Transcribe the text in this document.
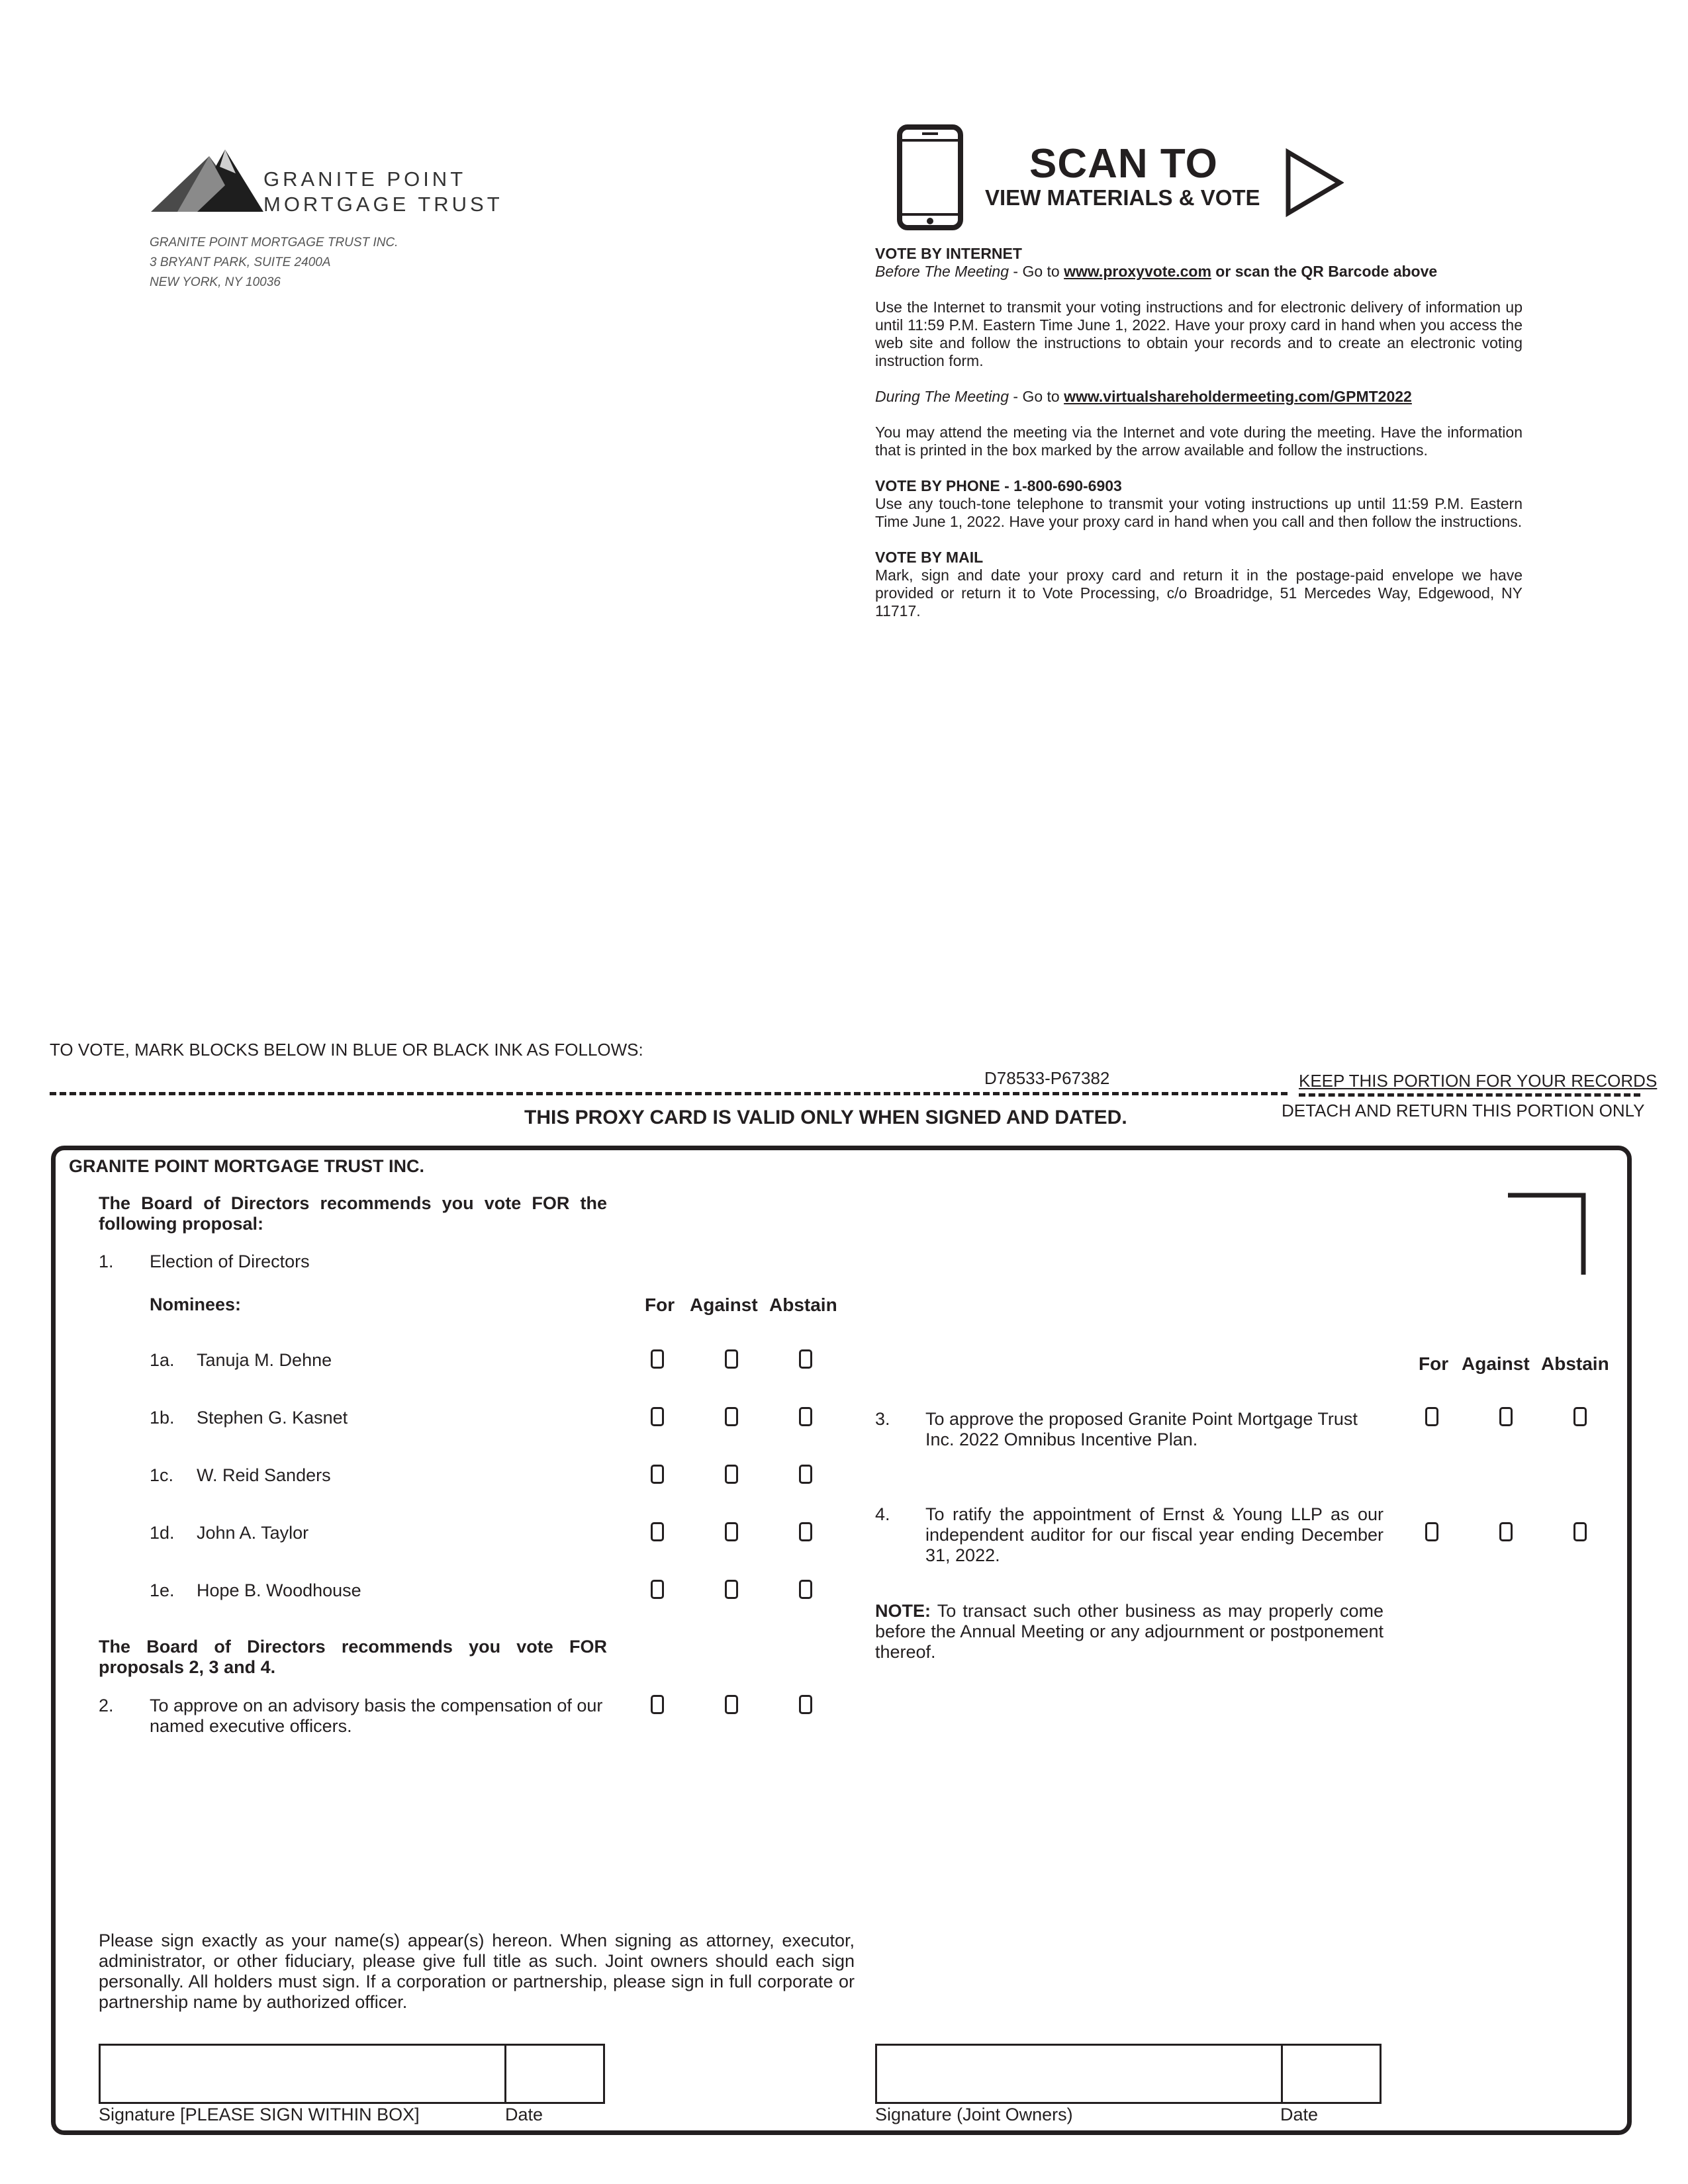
GRANITE POINT
MORTGAGE TRUST
GRANITE POINT MORTGAGE TRUST INC.
3 BRYANT PARK, SUITE 2400A
NEW YORK, NY 10036
SCAN TO
VIEW MATERIALS & VOTE
VOTE BY INTERNET
Before The Meeting - Go to www.proxyvote.com or scan the QR Barcode above
Use the Internet to transmit your voting instructions and for electronic delivery of information up until 11:59 P.M. Eastern Time June 1, 2022. Have your proxy card in hand when you access the web site and follow the instructions to obtain your records and to create an electronic voting instruction form.
During The Meeting - Go to www.virtualshareholdermeeting.com/GPMT2022
You may attend the meeting via the Internet and vote during the meeting. Have the information that is printed in the box marked by the arrow available and follow the instructions.
VOTE BY PHONE - 1-800-690-6903
Use any touch-tone telephone to transmit your voting instructions up until 11:59 P.M. Eastern Time June 1, 2022. Have your proxy card in hand when you call and then follow the instructions.
VOTE BY MAIL
Mark, sign and date your proxy card and return it in the postage-paid envelope we have provided or return it to Vote Processing, c/o Broadridge, 51 Mercedes Way, Edgewood, NY 11717.
TO VOTE, MARK BLOCKS BELOW IN BLUE OR BLACK INK AS FOLLOWS:
D78533-P67382	KEEP THIS PORTION FOR YOUR RECORDS
DETACH AND RETURN THIS PORTION ONLY
THIS PROXY CARD IS VALID ONLY WHEN SIGNED AND DATED.
GRANITE POINT MORTGAGE TRUST INC.
The Board of Directors recommends you vote FOR the following proposal:
1. Election of Directors
Nominees:	For Against Abstain
For Against Abstain
1a. Tanuja M. Dehne
1b. Stephen G. Kasnet
1c. W. Reid Sanders
1d. John A. Taylor
1e. Hope B. Woodhouse
The Board of Directors recommends you vote FOR proposals 2, 3 and 4.
2. To approve on an advisory basis the compensation of our named executive officers.
3. To approve the proposed Granite Point Mortgage Trust Inc. 2022 Omnibus Incentive Plan.
4. To ratify the appointment of Ernst & Young LLP as our independent auditor for our fiscal year ending December 31, 2022.
NOTE: To transact such other business as may properly come before the Annual Meeting or any adjournment or postponement thereof.
Please sign exactly as your name(s) appear(s) hereon. When signing as attorney, executor, administrator, or other fiduciary, please give full title as such. Joint owners should each sign personally. All holders must sign. If a corporation or partnership, please sign in full corporate or partnership name by authorized officer.
Signature [PLEASE SIGN WITHIN BOX]	Date	Signature (Joint Owners)	Date
